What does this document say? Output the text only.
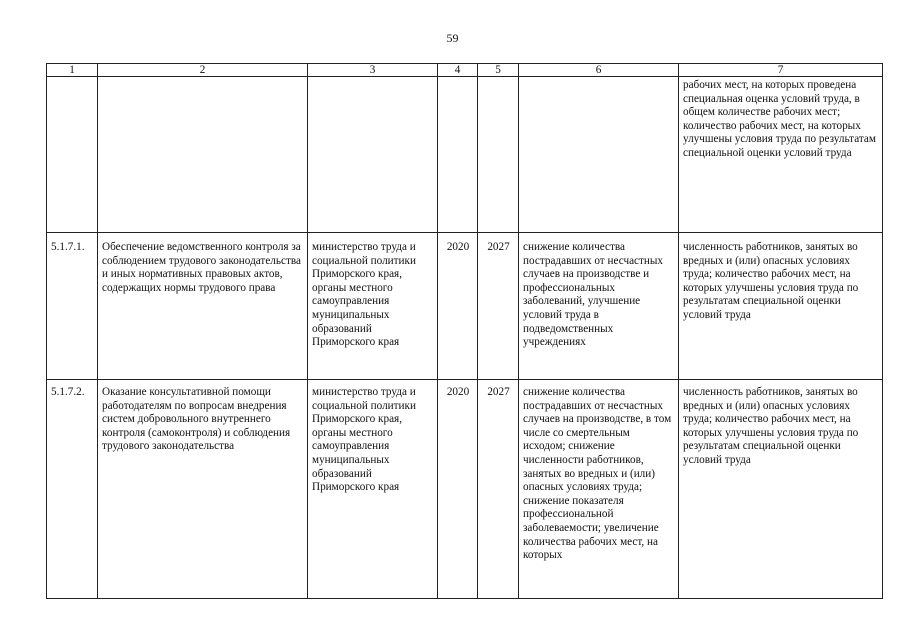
59
1	2	3	4	5	6	7
						рабочих мест, на которых проведена специальная оценка условий труда, в общем количестве рабочих мест; количество рабочих мест, на которых улучшены условия труда по результатам специальной оценки условий труда
5.1.7.1.	Обеспечение ведомственного контроля за соблюдением трудового законодательства и иных нормативных правовых актов, содержащих нормы трудового права	министерство труда и социальной политики Приморского края, органы местного самоуправления муниципальных образований Приморского края	2020	2027	снижение количества пострадавших от несчастных случаев на производстве и профессиональных заболеваний, улучшение условий труда в подведомственных учреждениях	численность работников, занятых во вредных и (или) опасных условиях труда; количество рабочих мест, на которых улучшены условия труда по результатам специальной оценки условий труда
5.1.7.2.	Оказание консультативной помощи работодателям по вопросам внедрения систем добровольного внутреннего контроля (самоконтроля) и соблюдения трудового законодательства	министерство труда и социальной политики Приморского края, органы местного самоуправления муниципальных образований Приморского края	2020	2027	снижение количества пострадавших от несчастных случаев на производстве, в том числе со смертельным исходом; снижение численности работников, занятых во вредных и (или) опасных условиях труда; снижение показателя профессиональной заболеваемости; увеличение количества рабочих мест, на которых	численность работников, занятых во вредных и (или) опасных условиях труда; количество рабочих мест, на которых улучшены условия труда по результатам специальной оценки условий труда
